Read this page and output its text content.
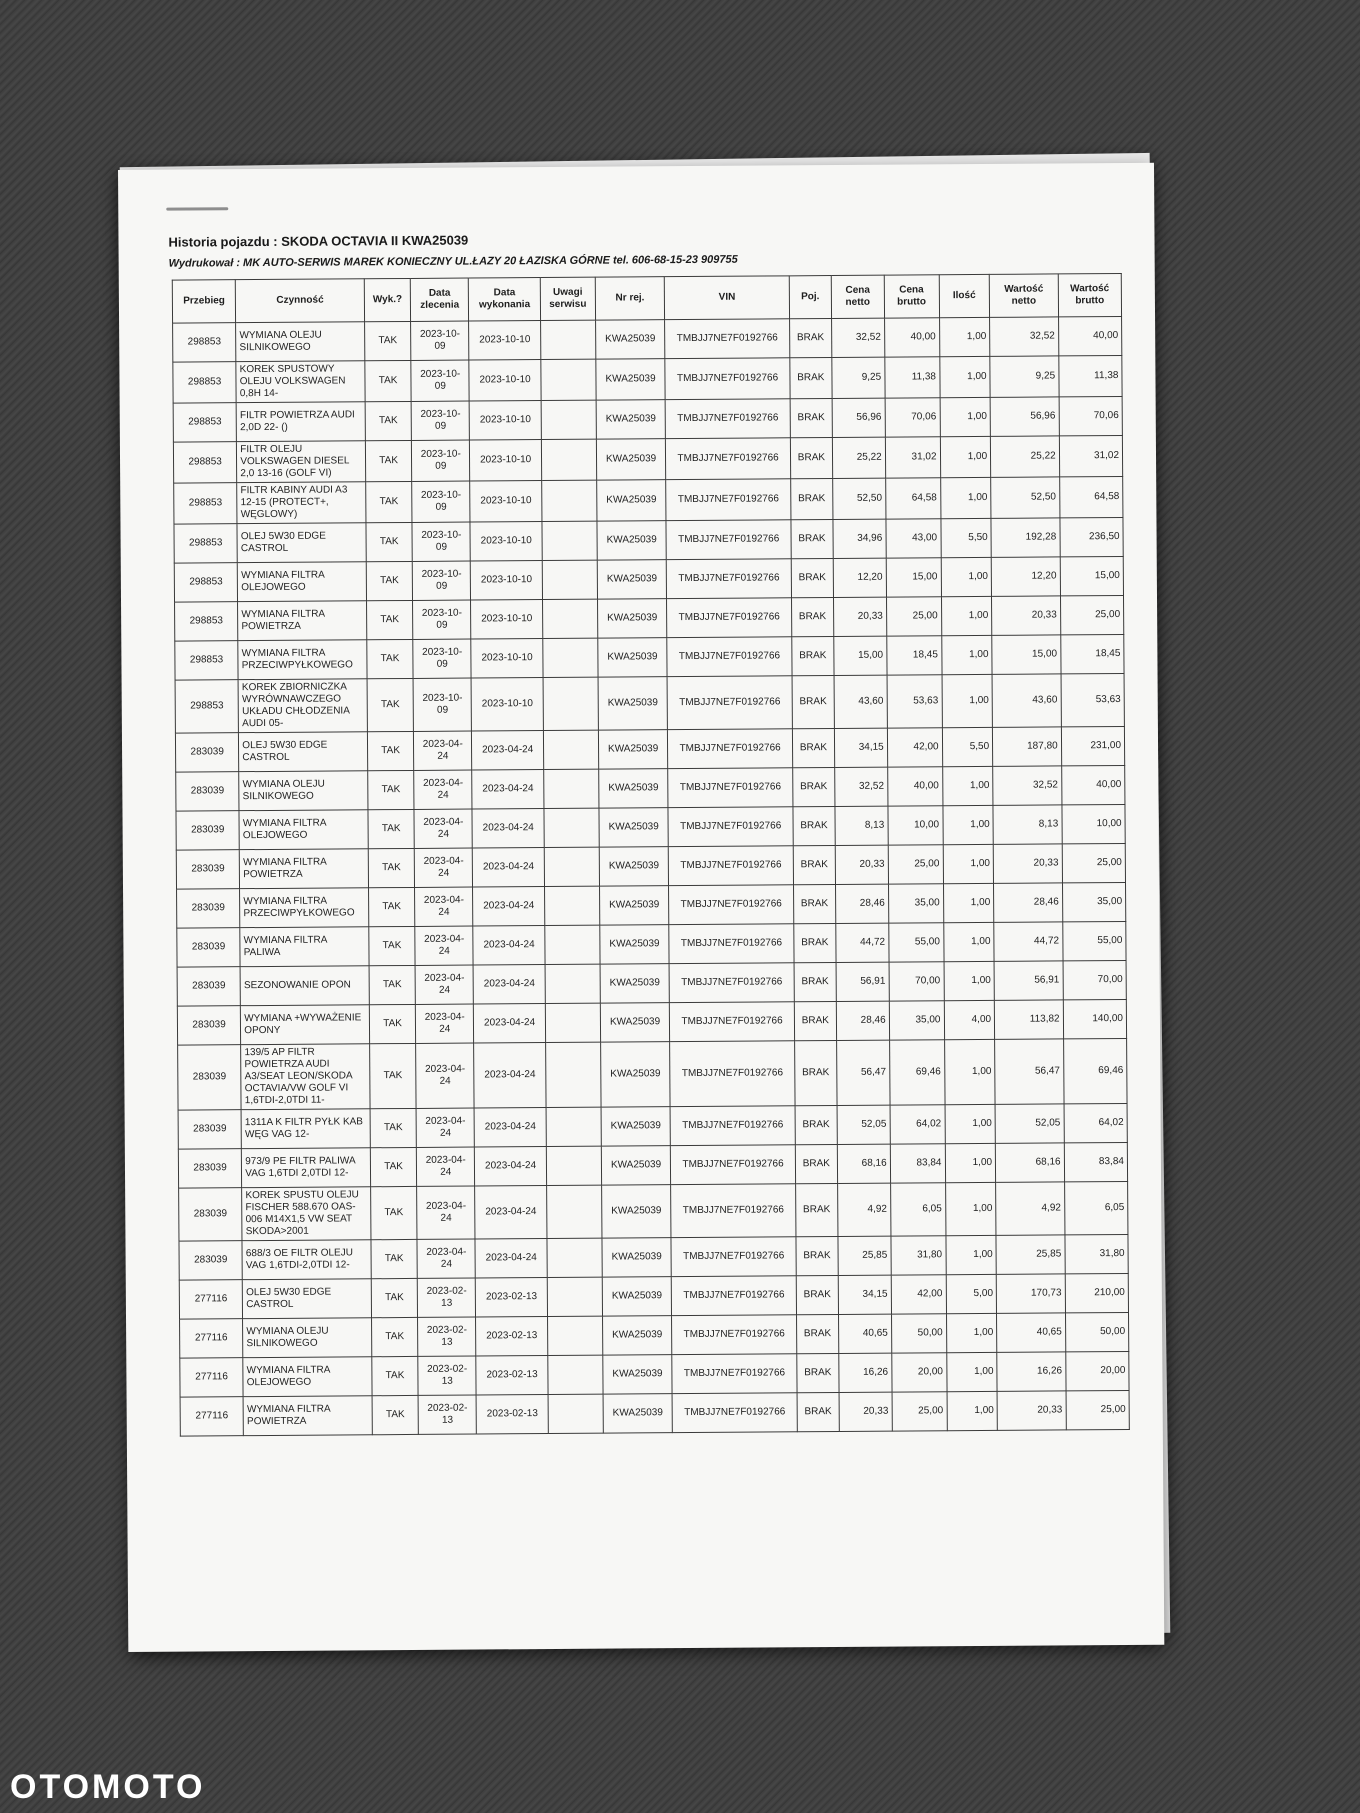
Historia pojazdu : SKODA OCTAVIA II KWA25039
Wydrukował : MK AUTO-SERWIS MAREK KONIECZNY UL.ŁAZY 20 ŁAZISKA GÓRNE tel. 606-68-15-23 909755
Przebieg	Czynność	Wyk.?	Data zlecenia	Data wykonania	Uwagi serwisu	Nr rej.	VIN	Poj.	Cena netto	Cena brutto	Ilość	Wartość netto	Wartość brutto
298853	WYMIANA OLEJU SILNIKOWEGO	TAK	2023-10-09	2023-10-10		KWA25039	TMBJJ7NE7F0192766	BRAK	32,52	40,00	1,00	32,52	40,00
298853	KOREK SPUSTOWY OLEJU VOLKSWAGEN 0,8H 14-	TAK	2023-10-09	2023-10-10		KWA25039	TMBJJ7NE7F0192766	BRAK	9,25	11,38	1,00	9,25	11,38
298853	FILTR POWIETRZA AUDI 2,0D 22- ()	TAK	2023-10-09	2023-10-10		KWA25039	TMBJJ7NE7F0192766	BRAK	56,96	70,06	1,00	56,96	70,06
298853	FILTR OLEJU VOLKSWAGEN DIESEL 2,0 13-16 (GOLF VI)	TAK	2023-10-09	2023-10-10		KWA25039	TMBJJ7NE7F0192766	BRAK	25,22	31,02	1,00	25,22	31,02
298853	FILTR KABINY AUDI A3 12-15 (PROTECT+, WĘGLOWY)	TAK	2023-10-09	2023-10-10		KWA25039	TMBJJ7NE7F0192766	BRAK	52,50	64,58	1,00	52,50	64,58
298853	OLEJ 5W30 EDGE CASTROL	TAK	2023-10-09	2023-10-10		KWA25039	TMBJJ7NE7F0192766	BRAK	34,96	43,00	5,50	192,28	236,50
298853	WYMIANA FILTRA OLEJOWEGO	TAK	2023-10-09	2023-10-10		KWA25039	TMBJJ7NE7F0192766	BRAK	12,20	15,00	1,00	12,20	15,00
298853	WYMIANA FILTRA POWIETRZA	TAK	2023-10-09	2023-10-10		KWA25039	TMBJJ7NE7F0192766	BRAK	20,33	25,00	1,00	20,33	25,00
298853	WYMIANA FILTRA PRZECIWPYŁKOWEGO	TAK	2023-10-09	2023-10-10		KWA25039	TMBJJ7NE7F0192766	BRAK	15,00	18,45	1,00	15,00	18,45
298853	KOREK ZBIORNICZKA WYRÓWNAWCZEGO UKŁADU CHŁODZENIA AUDI 05-	TAK	2023-10-09	2023-10-10		KWA25039	TMBJJ7NE7F0192766	BRAK	43,60	53,63	1,00	43,60	53,63
283039	OLEJ 5W30 EDGE CASTROL	TAK	2023-04-24	2023-04-24		KWA25039	TMBJJ7NE7F0192766	BRAK	34,15	42,00	5,50	187,80	231,00
283039	WYMIANA OLEJU SILNIKOWEGO	TAK	2023-04-24	2023-04-24		KWA25039	TMBJJ7NE7F0192766	BRAK	32,52	40,00	1,00	32,52	40,00
283039	WYMIANA FILTRA OLEJOWEGO	TAK	2023-04-24	2023-04-24		KWA25039	TMBJJ7NE7F0192766	BRAK	8,13	10,00	1,00	8,13	10,00
283039	WYMIANA FILTRA POWIETRZA	TAK	2023-04-24	2023-04-24		KWA25039	TMBJJ7NE7F0192766	BRAK	20,33	25,00	1,00	20,33	25,00
283039	WYMIANA FILTRA PRZECIWPYŁKOWEGO	TAK	2023-04-24	2023-04-24		KWA25039	TMBJJ7NE7F0192766	BRAK	28,46	35,00	1,00	28,46	35,00
283039	WYMIANA FILTRA PALIWA	TAK	2023-04-24	2023-04-24		KWA25039	TMBJJ7NE7F0192766	BRAK	44,72	55,00	1,00	44,72	55,00
283039	SEZONOWANIE OPON	TAK	2023-04-24	2023-04-24		KWA25039	TMBJJ7NE7F0192766	BRAK	56,91	70,00	1,00	56,91	70,00
283039	WYMIANA +WYWAŻENIE OPONY	TAK	2023-04-24	2023-04-24		KWA25039	TMBJJ7NE7F0192766	BRAK	28,46	35,00	4,00	113,82	140,00
283039	139/5 AP FILTR POWIETRZA AUDI A3/SEAT LEON/SKODA OCTAVIA/VW GOLF VI 1,6TDI-2,0TDI 11-	TAK	2023-04-24	2023-04-24		KWA25039	TMBJJ7NE7F0192766	BRAK	56,47	69,46	1,00	56,47	69,46
283039	1311A K FILTR PYŁK KAB WĘG VAG 12-	TAK	2023-04-24	2023-04-24		KWA25039	TMBJJ7NE7F0192766	BRAK	52,05	64,02	1,00	52,05	64,02
283039	973/9 PE FILTR PALIWA VAG 1,6TDI 2,0TDI 12-	TAK	2023-04-24	2023-04-24		KWA25039	TMBJJ7NE7F0192766	BRAK	68,16	83,84	1,00	68,16	83,84
283039	KOREK SPUSTU OLEJU FISCHER 588.670 OAS-006 M14X1,5 VW SEAT SKODA>2001	TAK	2023-04-24	2023-04-24		KWA25039	TMBJJ7NE7F0192766	BRAK	4,92	6,05	1,00	4,92	6,05
283039	688/3 OE FILTR OLEJU VAG 1,6TDI-2,0TDI 12-	TAK	2023-04-24	2023-04-24		KWA25039	TMBJJ7NE7F0192766	BRAK	25,85	31,80	1,00	25,85	31,80
277116	OLEJ 5W30 EDGE CASTROL	TAK	2023-02-13	2023-02-13		KWA25039	TMBJJ7NE7F0192766	BRAK	34,15	42,00	5,00	170,73	210,00
277116	WYMIANA OLEJU SILNIKOWEGO	TAK	2023-02-13	2023-02-13		KWA25039	TMBJJ7NE7F0192766	BRAK	40,65	50,00	1,00	40,65	50,00
277116	WYMIANA FILTRA OLEJOWEGO	TAK	2023-02-13	2023-02-13		KWA25039	TMBJJ7NE7F0192766	BRAK	16,26	20,00	1,00	16,26	20,00
277116	WYMIANA FILTRA POWIETRZA	TAK	2023-02-13	2023-02-13		KWA25039	TMBJJ7NE7F0192766	BRAK	20,33	25,00	1,00	20,33	25,00
OTOMOTO
